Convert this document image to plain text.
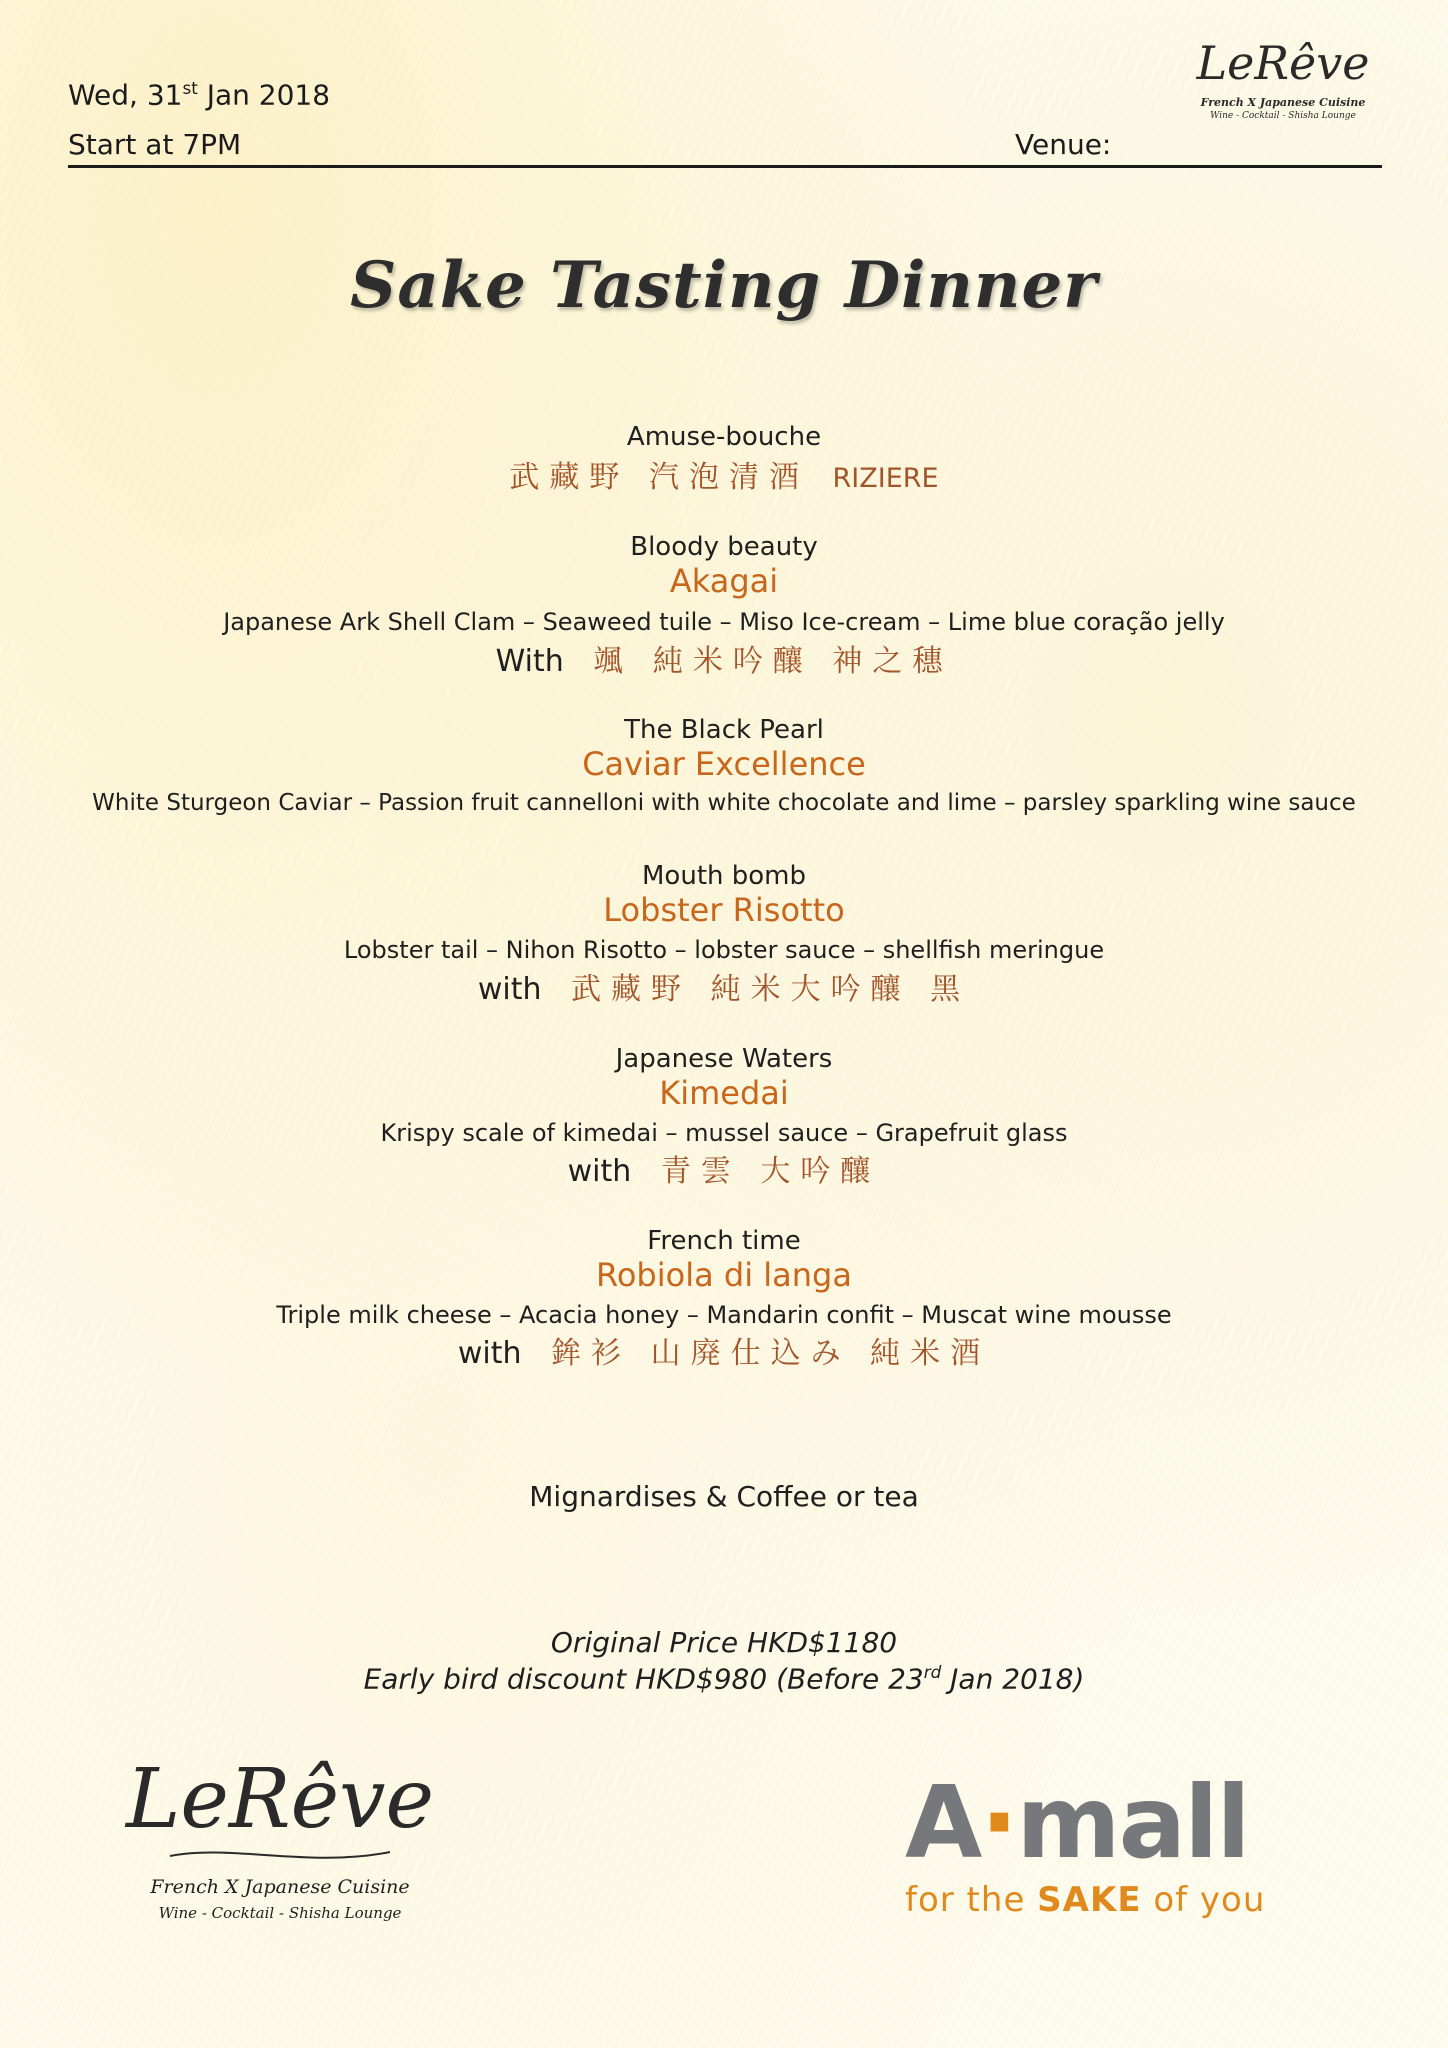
Wed, 31st Jan 2018
Start at 7PM	Venue:
LeRêve
French X Japanese Cuisine
Wine - Cocktail - Shisha Lounge
Sake Tasting Dinner
Amuse-bouche
武藏野 汽泡清酒 RIZIERE
Bloody beauty
Akagai
Japanese Ark Shell Clam – Seaweed tuile – Miso Ice-cream – Lime blue coração jelly
With 颯 純米吟釀 神之穗
The Black Pearl
Caviar Excellence
White Sturgeon Caviar – Passion fruit cannelloni with white chocolate and lime – parsley sparkling wine sauce
Mouth bomb
Lobster Risotto
Lobster tail – Nihon Risotto – lobster sauce – shellfish meringue
with 武藏野 純米大吟釀 黑
Japanese Waters
Kimedai
Krispy scale of kimedai – mussel sauce – Grapefruit glass
with 青雲 大吟釀
French time
Robiola di langa
Triple milk cheese – Acacia honey – Mandarin confit – Muscat wine mousse
with 鉾衫 山廃仕込み 純米酒
Mignardises & Coffee or tea
Original Price HKD$1180
Early bird discount HKD$980 (Before 23rd Jan 2018)
LeRêve
French X Japanese Cuisine
Wine - Cocktail - Shisha Lounge
A·mall
for the SAKE of you
